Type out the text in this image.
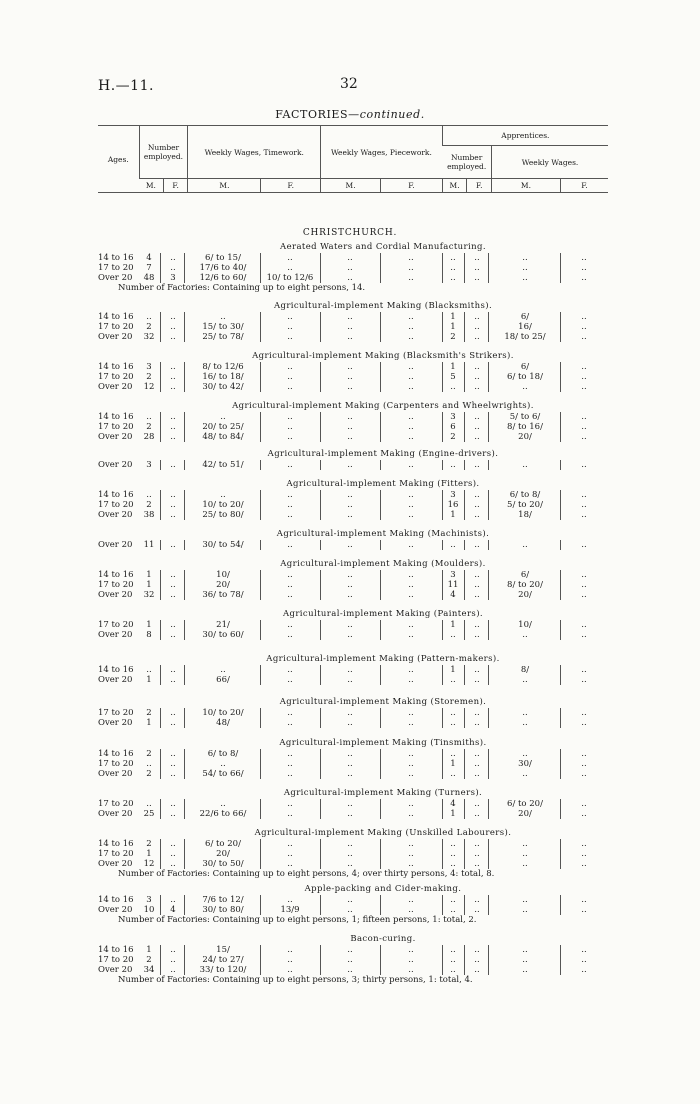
H.—11.	32
FACTORIES—continued.
Ages.	Number employed.		Weekly Wages, Timework.		Weekly Wages, Piecework.		Apprentices.			
							Number employed.		Weekly Wages.	
	M.	F.	M.	F.	M.	F.	M.	F.	M.	F.
CHRISTCHURCH.
Aerated Waters and Cordial Manufacturing.
14 to 16	4	..	6/ to 15/	..	..	..	..	..	..	..
17 to 20	7	..	17/6 to 40/	..	..	..	..	..	..	..
Over 20	48	3	12/6 to 60/	10/ to 12/6	..	..	..	..	..	..
Number of Factories: Containing up to eight persons, 14.
Agricultural-implement Making (Blacksmiths).
14 to 16	..	..	..	..	..	..	1	..	6/	..
17 to 20	2	..	15/ to 30/	..	..	..	1	..	16/	..
Over 20	32	..	25/ to 78/	..	..	..	2	..	18/ to 25/	..
Agricultural-implement Making (Blacksmith's Strikers).
14 to 16	3	..	8/ to 12/6	..	..	..	1	..	6/	..
17 to 20	2	..	16/ to 18/	..	..	..	5	..	6/ to 18/	..
Over 20	12	..	30/ to 42/	..	..	..	..	..	..	..
Agricultural-implement Making (Carpenters and Wheelwrights).
14 to 16	..	..	..	..	..	..	3	..	5/ to 6/	..
17 to 20	2	..	20/ to 25/	..	..	..	6	..	8/ to 16/	..
Over 20	28	..	48/ to 84/	..	..	..	2	..	20/	..
Agricultural-implement Making (Engine-drivers).
Over 20	3	..	42/ to 51/	..	..	..	..	..	..	..
Agricultural-implement Making (Fitters).
14 to 16	..	..	..	..	..	..	3	..	6/ to 8/	..
17 to 20	2	..	10/ to 20/	..	..	..	16	..	5/ to 20/	..
Over 20	38	..	25/ to 80/	..	..	..	1	..	18/	..
Agricultural-implement Making (Machinists).
Over 20	11	..	30/ to 54/	..	..	..	..	..	..	..
Agricultural-implement Making (Moulders).
14 to 16	1	..	10/	..	..	..	3	..	6/	..
17 to 20	1	..	20/	..	..	..	11	..	8/ to 20/	..
Over 20	32	..	36/ to 78/	..	..	..	4	..	20/	..
Agricultural-implement Making (Painters).
17 to 20	1	..	21/	..	..	..	1	..	10/	..
Over 20	8	..	30/ to 60/	..	..	..	..	..	..	..
Agricultural-implement Making (Pattern-makers).
14 to 16	..	..	..	..	..	..	1	..	8/	..
Over 20	1	..	66/	..	..	..	..	..	..	..
Agricultural-implement Making (Storemen).
17 to 20	2	..	10/ to 20/	..	..	..	..	..	..	..
Over 20	1	..	48/	..	..	..	..	..	..	..
Agricultural-implement Making (Tinsmiths).
14 to 16	2	..	6/ to 8/	..	..	..	..	..	..	..
17 to 20	..	..	..	..	..	..	1	..	30/	..
Over 20	2	..	54/ to 66/	..	..	..	..	..	..	..
Agricultural-implement Making (Turners).
17 to 20	..	..	..	..	..	..	4	..	6/ to 20/	..
Over 20	25	..	22/6 to 66/	..	..	..	1	..	20/	..
Agricultural-implement Making (Unskilled Labourers).
14 to 16	2	..	6/ to 20/	..	..	..	..	..	..	..
17 to 20	1	..	20/	..	..	..	..	..	..	..
Over 20	12	..	30/ to 50/	..	..	..	..	..	..	..
Number of Factories: Containing up to eight persons, 4; over thirty persons, 4: total, 8.
Apple-packing and Cider-making.
14 to 16	3	..	7/6 to 12/	..	..	..	..	..	..	..
Over 20	10	4	30/ to 80/	13/9	..	..	..	..	..	..
Number of Factories: Containing up to eight persons, 1; fifteen persons, 1: total, 2.
Bacon-curing.
14 to 16	1	..	15/	..	..	..	..	..	..	..
17 to 20	2	..	24/ to 27/	..	..	..	..	..	..	..
Over 20	34	..	33/ to 120/	..	..	..	..	..	..	..
Number of Factories: Containing up to eight persons, 3; thirty persons, 1: total, 4.
